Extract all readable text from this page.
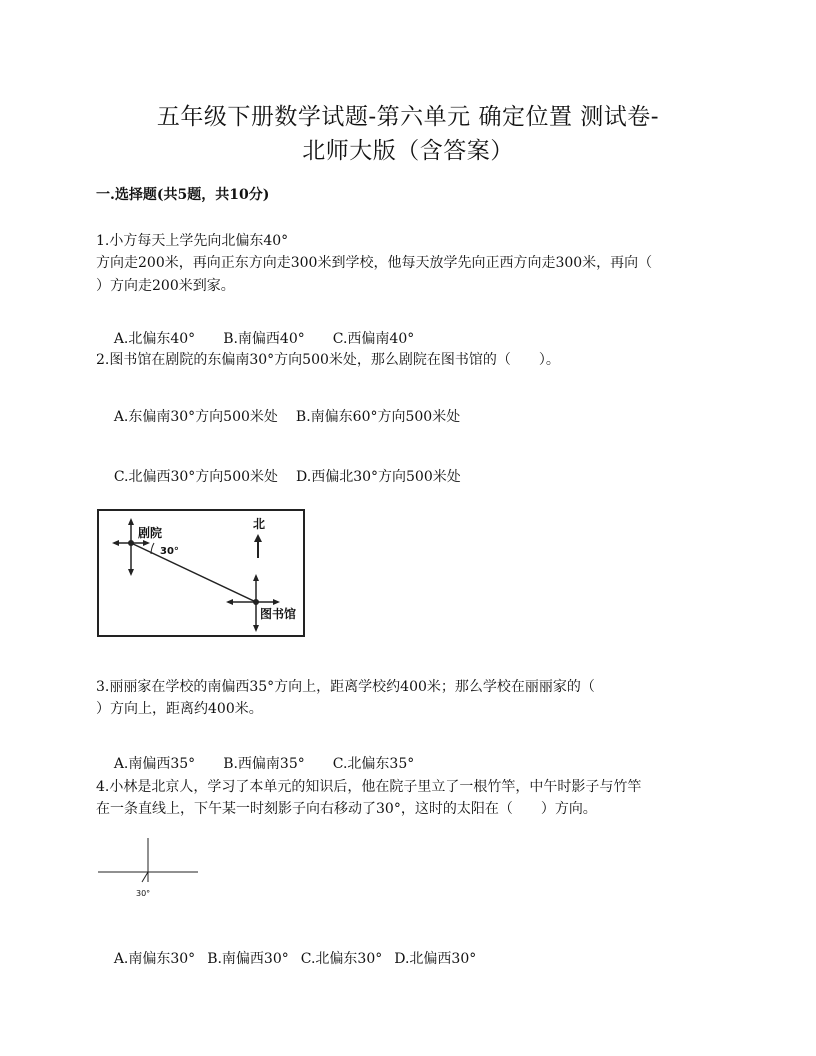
五年级下册数学试题-第六单元 确定位置 测试卷-
北师大版（含答案）
一.选择题(共5题，共10分)
1.小方每天上学先向北偏东40°
方向走200米，再向正东方向走300米到学校，他每天放学先向正西方向走300米，再向（
）方向走200米到家。

A.北偏东40° B.南偏西40° C.西偏南40°

2.图书馆在剧院的东偏南30°方向500米处，那么剧院在图书馆的（　　）。

A.东偏南30°方向500米处 B.南偏东60°方向500米处

C.北偏西30°方向500米处 D.西偏北30°方向500米处

剧院
30°
北
图书馆
3.丽丽家在学校的南偏西35°方向上，距离学校约400米；那么学校在丽丽家的（
）方向上，距离约400米。

A.南偏西35° B.西偏南35° C.北偏东35°

4.小林是北京人，学习了本单元的知识后，他在院子里立了一根竹竿，中午时影子与竹竿
在一条直线上，下午某一时刻影子向右移动了30°，这时的太阳在（　　）方向。
30°

A.南偏东30° B.南偏西30° C.北偏东30° D.北偏西30°
